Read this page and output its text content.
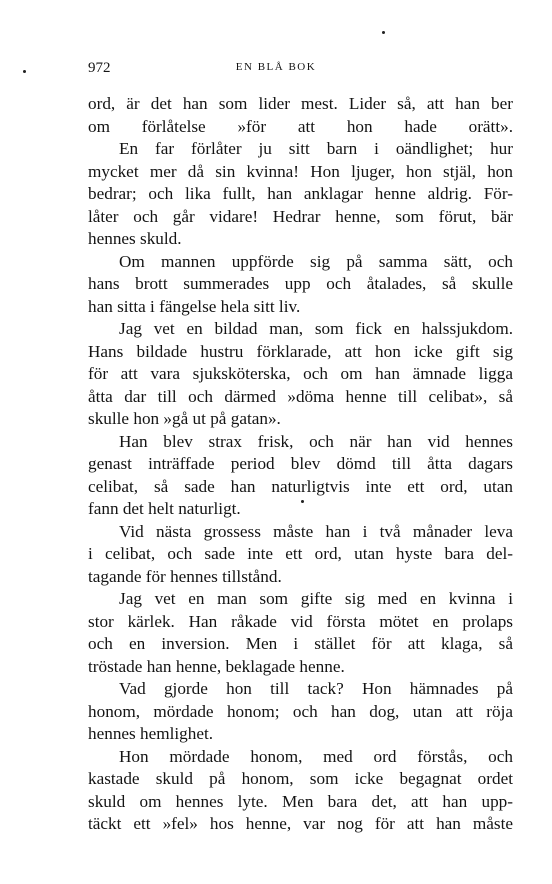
972	EN BLÅ BOK
ord, är det han som lider mest. Lider så, att han ber
om förlåtelse »för att hon hade orätt».
En far förlåter ju sitt barn i oändlighet; hur
mycket mer då sin kvinna! Hon ljuger, hon stjäl, hon
bedrar; och lika fullt, han anklagar henne aldrig. För-
låter och går vidare! Hedrar henne, som förut, bär
hennes skuld.
Om mannen uppförde sig på samma sätt, och
hans brott summerades upp och åtalades, så skulle
han sitta i fängelse hela sitt liv.
Jag vet en bildad man, som fick en halssjukdom.
Hans bildade hustru förklarade, att hon icke gift sig
för att vara sjuksköterska, och om han ämnade ligga
åtta dar till och därmed »döma henne till celibat», så
skulle hon »gå ut på gatan».
Han blev strax frisk, och när han vid hennes
genast inträffade period blev dömd till åtta dagars
celibat, så sade han naturligtvis inte ett ord, utan
fann det helt naturligt.
Vid nästa grossess måste han i två månader leva
i celibat, och sade inte ett ord, utan hyste bara del-
tagande för hennes tillstånd.
Jag vet en man som gifte sig med en kvinna i
stor kärlek. Han råkade vid första mötet en prolaps
och en inversion. Men i stället för att klaga, så
tröstade han henne, beklagade henne.
Vad gjorde hon till tack? Hon hämnades på
honom, mördade honom; och han dog, utan att röja
hennes hemlighet.
Hon mördade honom, med ord förstås, och
kastade skuld på honom, som icke begagnat ordet
skuld om hennes lyte. Men bara det, att han upp-
täckt ett »fel» hos henne, var nog för att han måste
